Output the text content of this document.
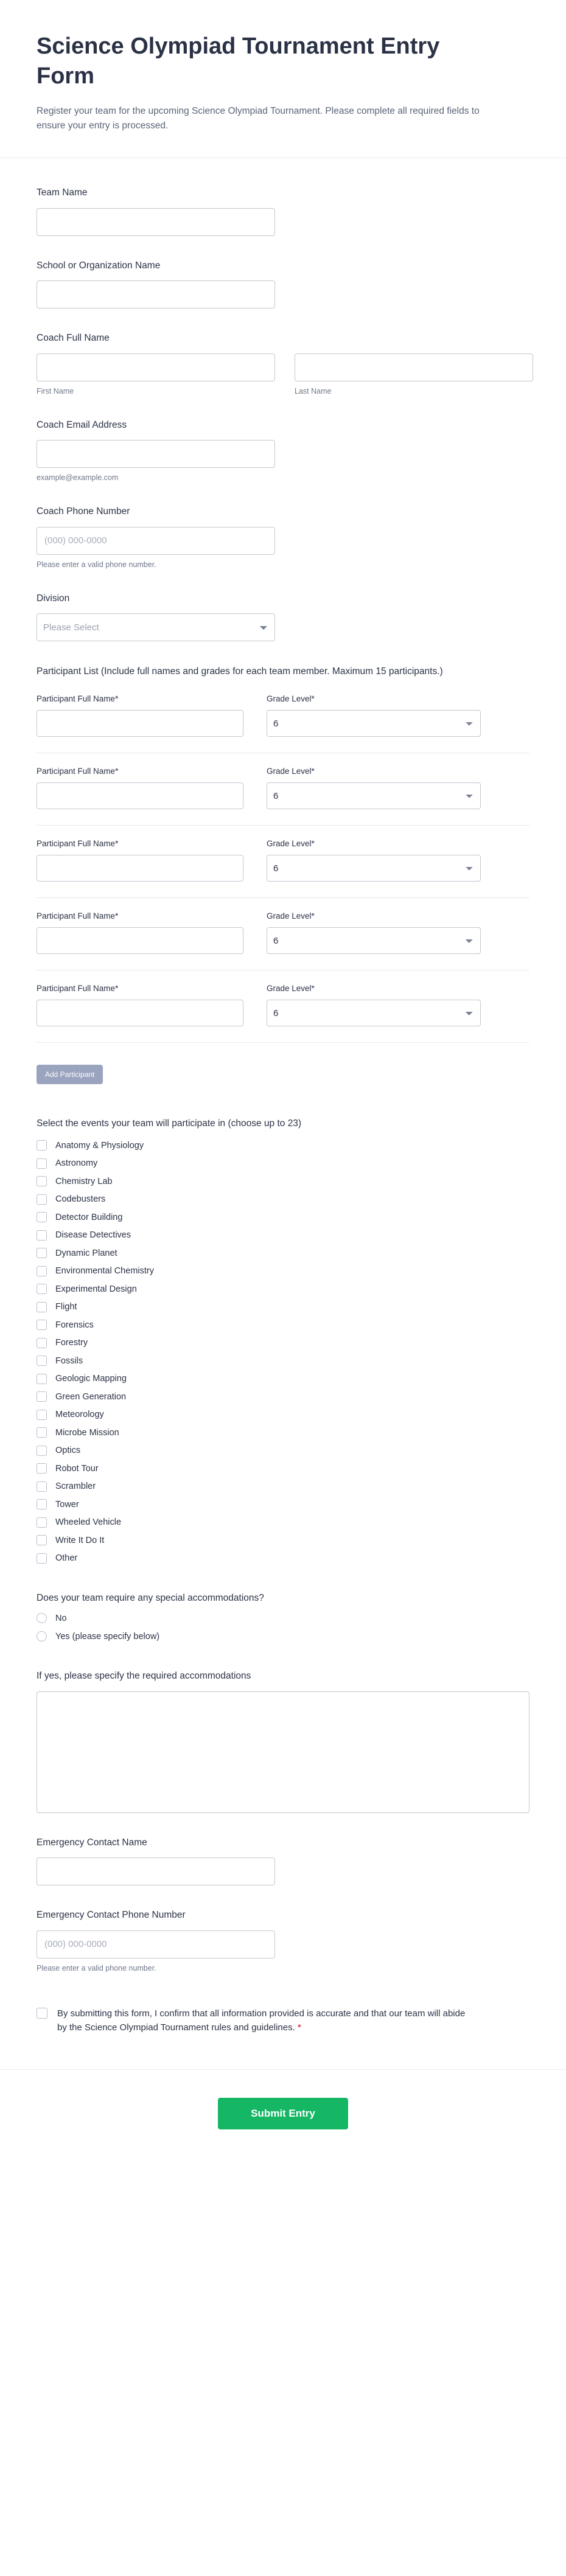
Science Olympiad Tournament Entry Form

Register your team for the upcoming Science Olympiad Tournament. Please complete all required fields to ensure your entry is processed.

Team Name
School or Organization Name
Coach Full Name
First Name	Last Name
Coach Email Address
example@example.com
Coach Phone Number
(000) 000-0000
Please enter a valid phone number.
Division
Please Select
Participant List (Include full names and grades for each team member. Maximum 15 participants.)
Participant Full Name*	Grade Level*
6
Participant Full Name*	Grade Level*
6
Participant Full Name*	Grade Level*
6
Participant Full Name*	Grade Level*
6
Participant Full Name*	Grade Level*
6
Add Participant
Select the events your team will participate in (choose up to 23)
Anatomy & Physiology
Astronomy
Chemistry Lab
Codebusters
Detector Building
Disease Detectives
Dynamic Planet
Environmental Chemistry
Experimental Design
Flight
Forensics
Forestry
Fossils
Geologic Mapping
Green Generation
Meteorology
Microbe Mission
Optics
Robot Tour
Scrambler
Tower
Wheeled Vehicle
Write It Do It
Other
Does your team require any special accommodations?
No
Yes (please specify below)
If yes, please specify the required accommodations
Emergency Contact Name
Emergency Contact Phone Number
(000) 000-0000
Please enter a valid phone number.
By submitting this form, I confirm that all information provided is accurate and that our team will abide by the Science Olympiad Tournament rules and guidelines. *
Submit Entry
